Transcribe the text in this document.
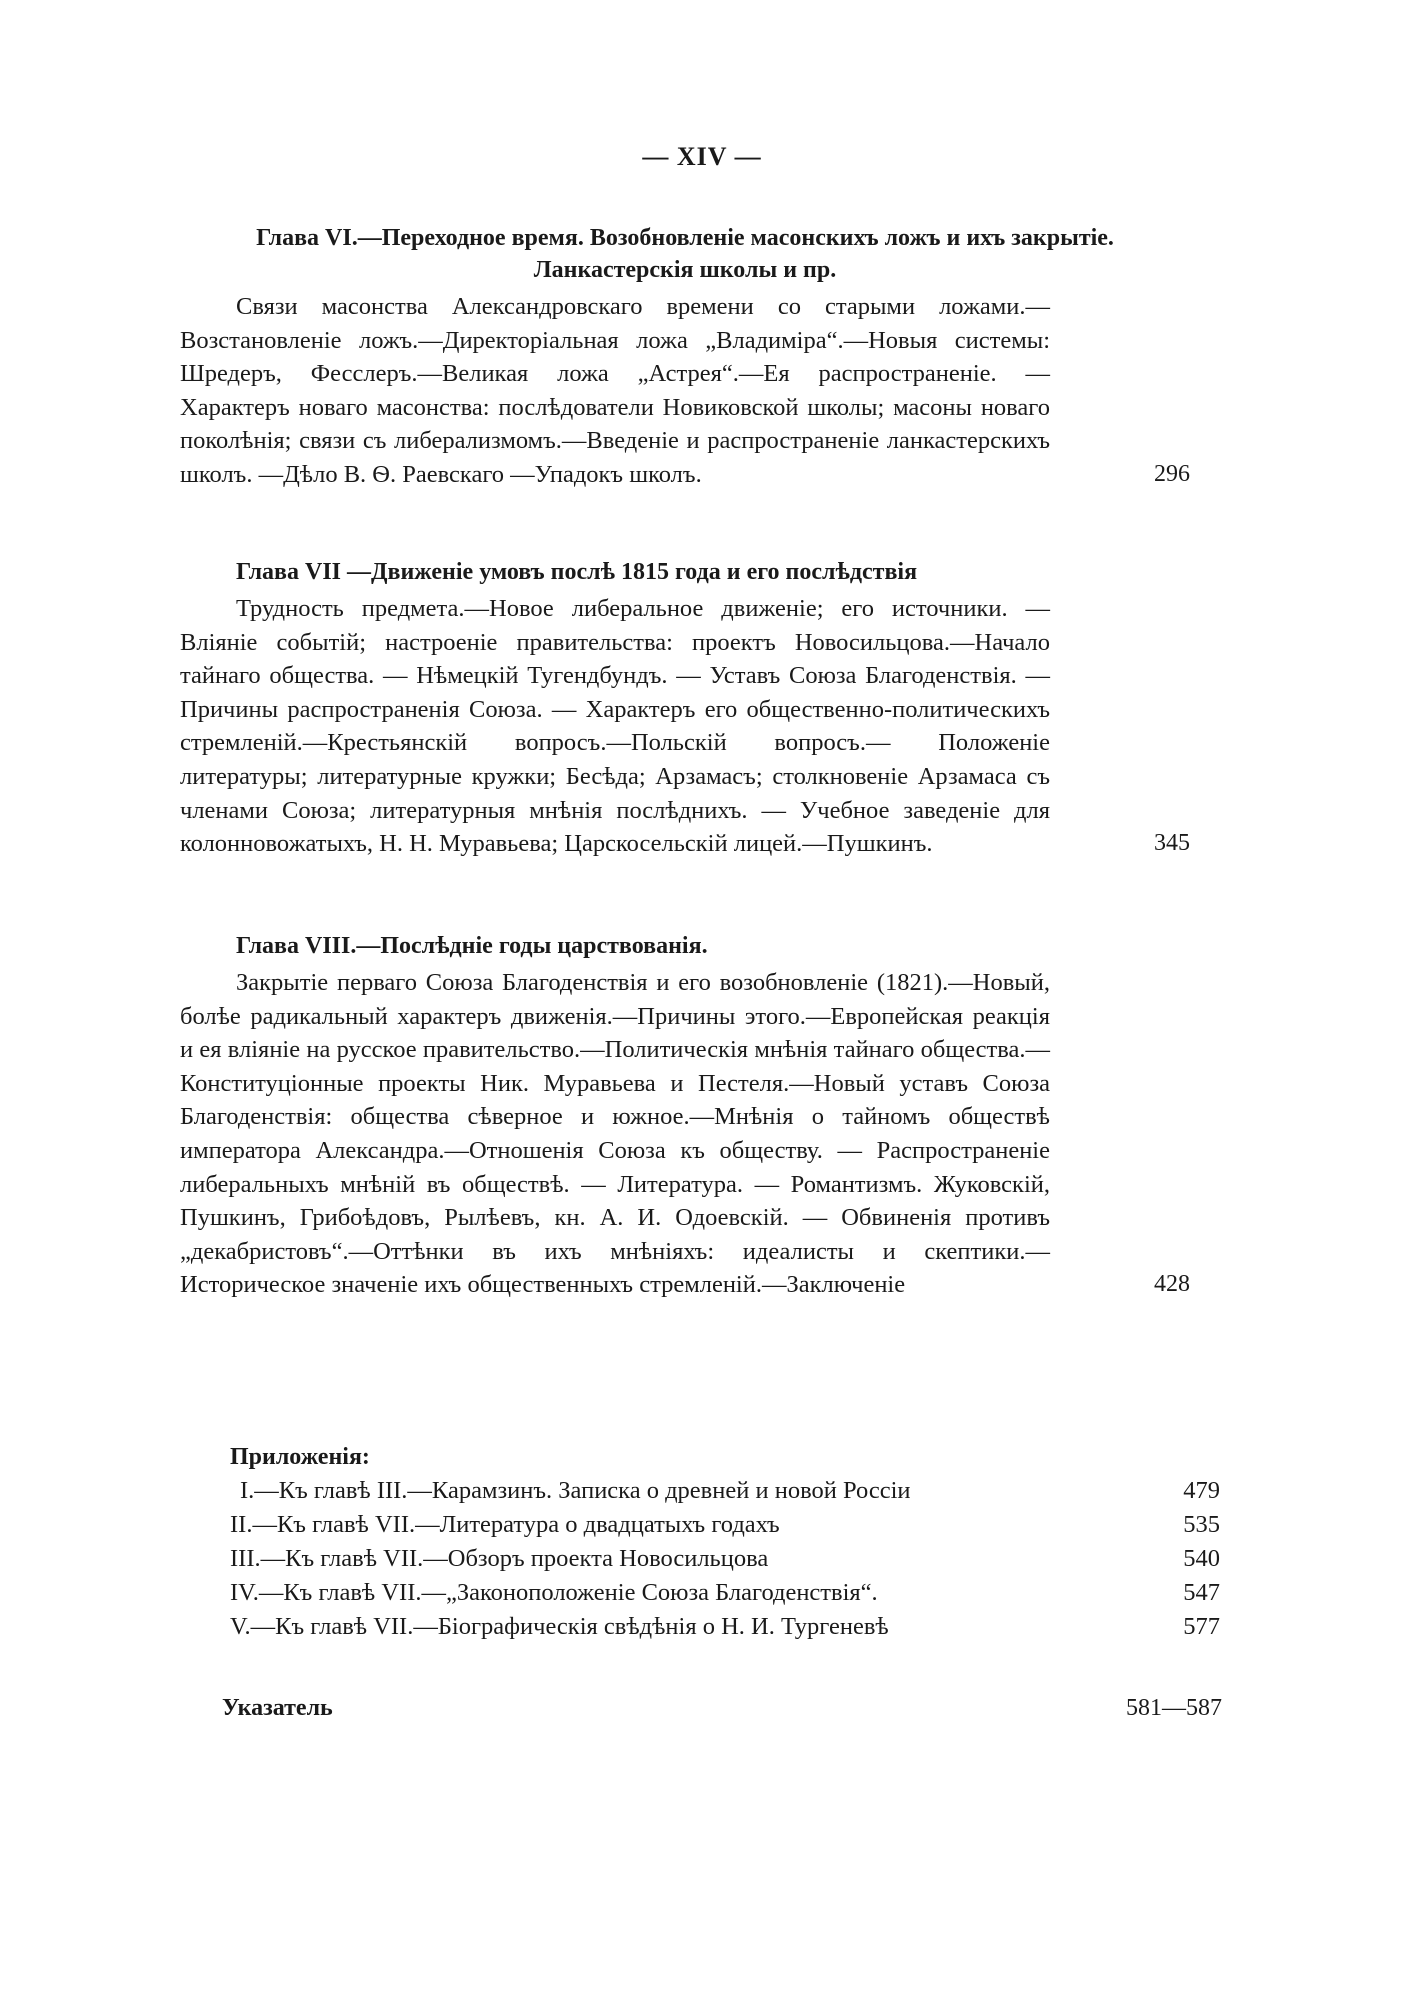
— XIV —
Глава VI.—Переходное время. Возобновленіе масонскихъ ложъ и ихъ закрытіе. Ланкастерскія школы и пр.
Связи масонства Александровскаго времени со старыми ложами.—Возстановленіе ложъ.—Директоріальная ложа „Владиміра“.—Новыя системы: Шредеръ, Фесслеръ.—Великая ложа „Астрея“.—Ея распространеніе. — Характеръ новаго масонства: послѣдователи Новиковской школы; масоны новаго поколѣнія; связи съ либерализмомъ.—Введеніе и распространеніе ланкастерскихъ школъ. —Дѣло В. Ѳ. Раевскаго —Упадокъ школъ.	296
Глава VII —Движеніе умовъ послѣ 1815 года и его послѣдствія
Трудность предмета.—Новое либеральное движеніе; его источники. —Вліяніе событій; настроеніе правительства: проектъ Новосильцова.—Начало тайнаго общества. — Нѣмецкій Тугендбундъ. — Уставъ Союза Благоденствія. — Причины распространенія Союза. — Характеръ его общественно-политическихъ стремленій.—Крестьянскій вопросъ.—Польскій вопросъ.— Положеніе литературы; литературные кружки; Бесѣда; Арзамасъ; столкновеніе Арзамаса съ членами Союза; литературныя мнѣнія послѣднихъ. — Учебное заведеніе для колонновожатыхъ, Н. Н. Муравьева; Царскосельскій лицей.—Пушкинъ.	345
Глава VIII.—Послѣдніе годы царствованія.
Закрытіе перваго Союза Благоденствія и его возобновленіе (1821).—Новый, болѣе радикальный характеръ движенія.—Причины этого.—Европейская реакція и ея вліяніе на русское правительство.—Политическія мнѣнія тайнаго общества.—Конституціонные проекты Ник. Муравьева и Пестеля.—Новый уставъ Союза Благоденствія: общества сѣверное и южное.—Мнѣнія о тайномъ обществѣ императора Александра.—Отношенія Союза къ обществу. — Распространеніе либеральныхъ мнѣній въ обществѣ. — Литература. — Романтизмъ. Жуковскій, Пушкинъ, Грибоѣдовъ, Рылѣевъ, кн. А. И. Одоевскій. — Обвиненія противъ „декабристовъ“.—Оттѣнки въ ихъ мнѣніяхъ: идеалисты и скептики.—Историческое значеніе ихъ общественныхъ стремленій.—Заключеніе	428
Приложенія:
I.—Къ главѣ III.—Карамзинъ. Записка о древней и новой Россіи	479
II.—Къ главѣ VII.—Литература о двадцатыхъ годахъ	535
III.—Къ главѣ VII.—Обзоръ проекта Новосильцова	540
IV.—Къ главѣ VII.—„Законоположеніе Союза Благоденствія“.	547
V.—Къ главѣ VII.—Біографическія свѣдѣнія о Н. И. Тургеневѣ	577
Указатель	581—587
